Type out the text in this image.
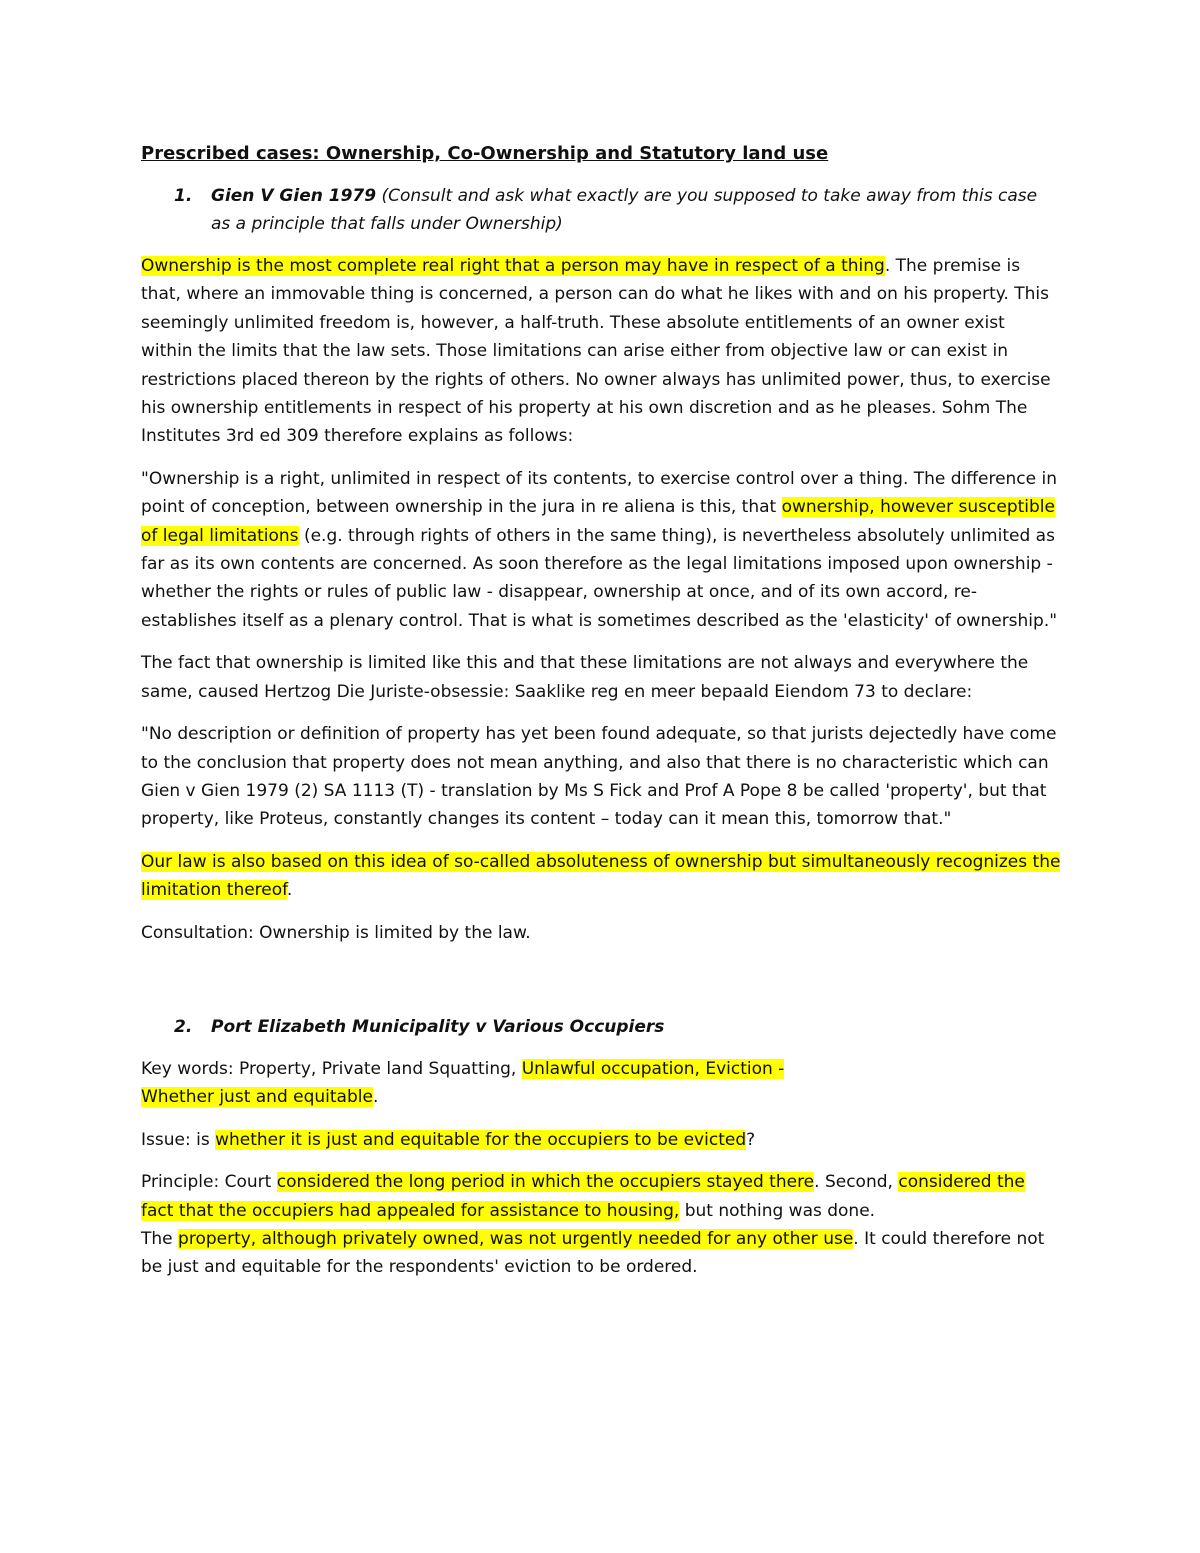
Prescribed cases: Ownership, Co-Ownership and Statutory land use
1.	Gien V Gien 1979 (Consult and ask what exactly are you supposed to take away from this case as a principle that falls under Ownership)

Ownership is the most complete real right that a person may have in respect of a thing. The premise is that, where an immovable thing is concerned, a person can do what he likes with and on his property. This seemingly unlimited freedom is, however, a half-truth. These absolute entitlements of an owner exist within the limits that the law sets. Those limitations can arise either from objective law or can exist in restrictions placed thereon by the rights of others. No owner always has unlimited power, thus, to exercise his ownership entitlements in respect of his property at his own discretion and as he pleases. Sohm The Institutes 3rd ed 309 therefore explains as follows:

"Ownership is a right, unlimited in respect of its contents, to exercise control over a thing. The difference in point of conception, between ownership in the jura in re aliena is this, that ownership, however susceptible of legal limitations (e.g. through rights of others in the same thing), is nevertheless absolutely unlimited as far as its own contents are concerned. As soon therefore as the legal limitations imposed upon ownership - whether the rights or rules of public law - disappear, ownership at once, and of its own accord, re-establishes itself as a plenary control. That is what is sometimes described as the 'elasticity' of ownership."

The fact that ownership is limited like this and that these limitations are not always and everywhere the same, caused Hertzog Die Juriste-obsessie: Saaklike reg en meer bepaald Eiendom 73 to declare:

"No description or definition of property has yet been found adequate, so that jurists dejectedly have come to the conclusion that property does not mean anything, and also that there is no characteristic which can Gien v Gien 1979 (2) SA 1113 (T) - translation by Ms S Fick and Prof A Pope 8 be called 'property', but that property, like Proteus, constantly changes its content – today can it mean this, tomorrow that."

Our law is also based on this idea of so-called absoluteness of ownership but simultaneously recognizes the limitation thereof.

Consultation: Ownership is limited by the law.

2.	Port Elizabeth Municipality v Various Occupiers

Key words: Property, Private land Squatting, Unlawful occupation, Eviction -
Whether just and equitable.

Issue: is whether it is just and equitable for the occupiers to be evicted?

Principle: Court considered the long period in which the occupiers stayed there. Second, considered the fact that the occupiers had appealed for assistance to housing, but nothing was done.
The property, although privately owned, was not urgently needed for any other use. It could therefore not be just and equitable for the respondents' eviction to be ordered.
